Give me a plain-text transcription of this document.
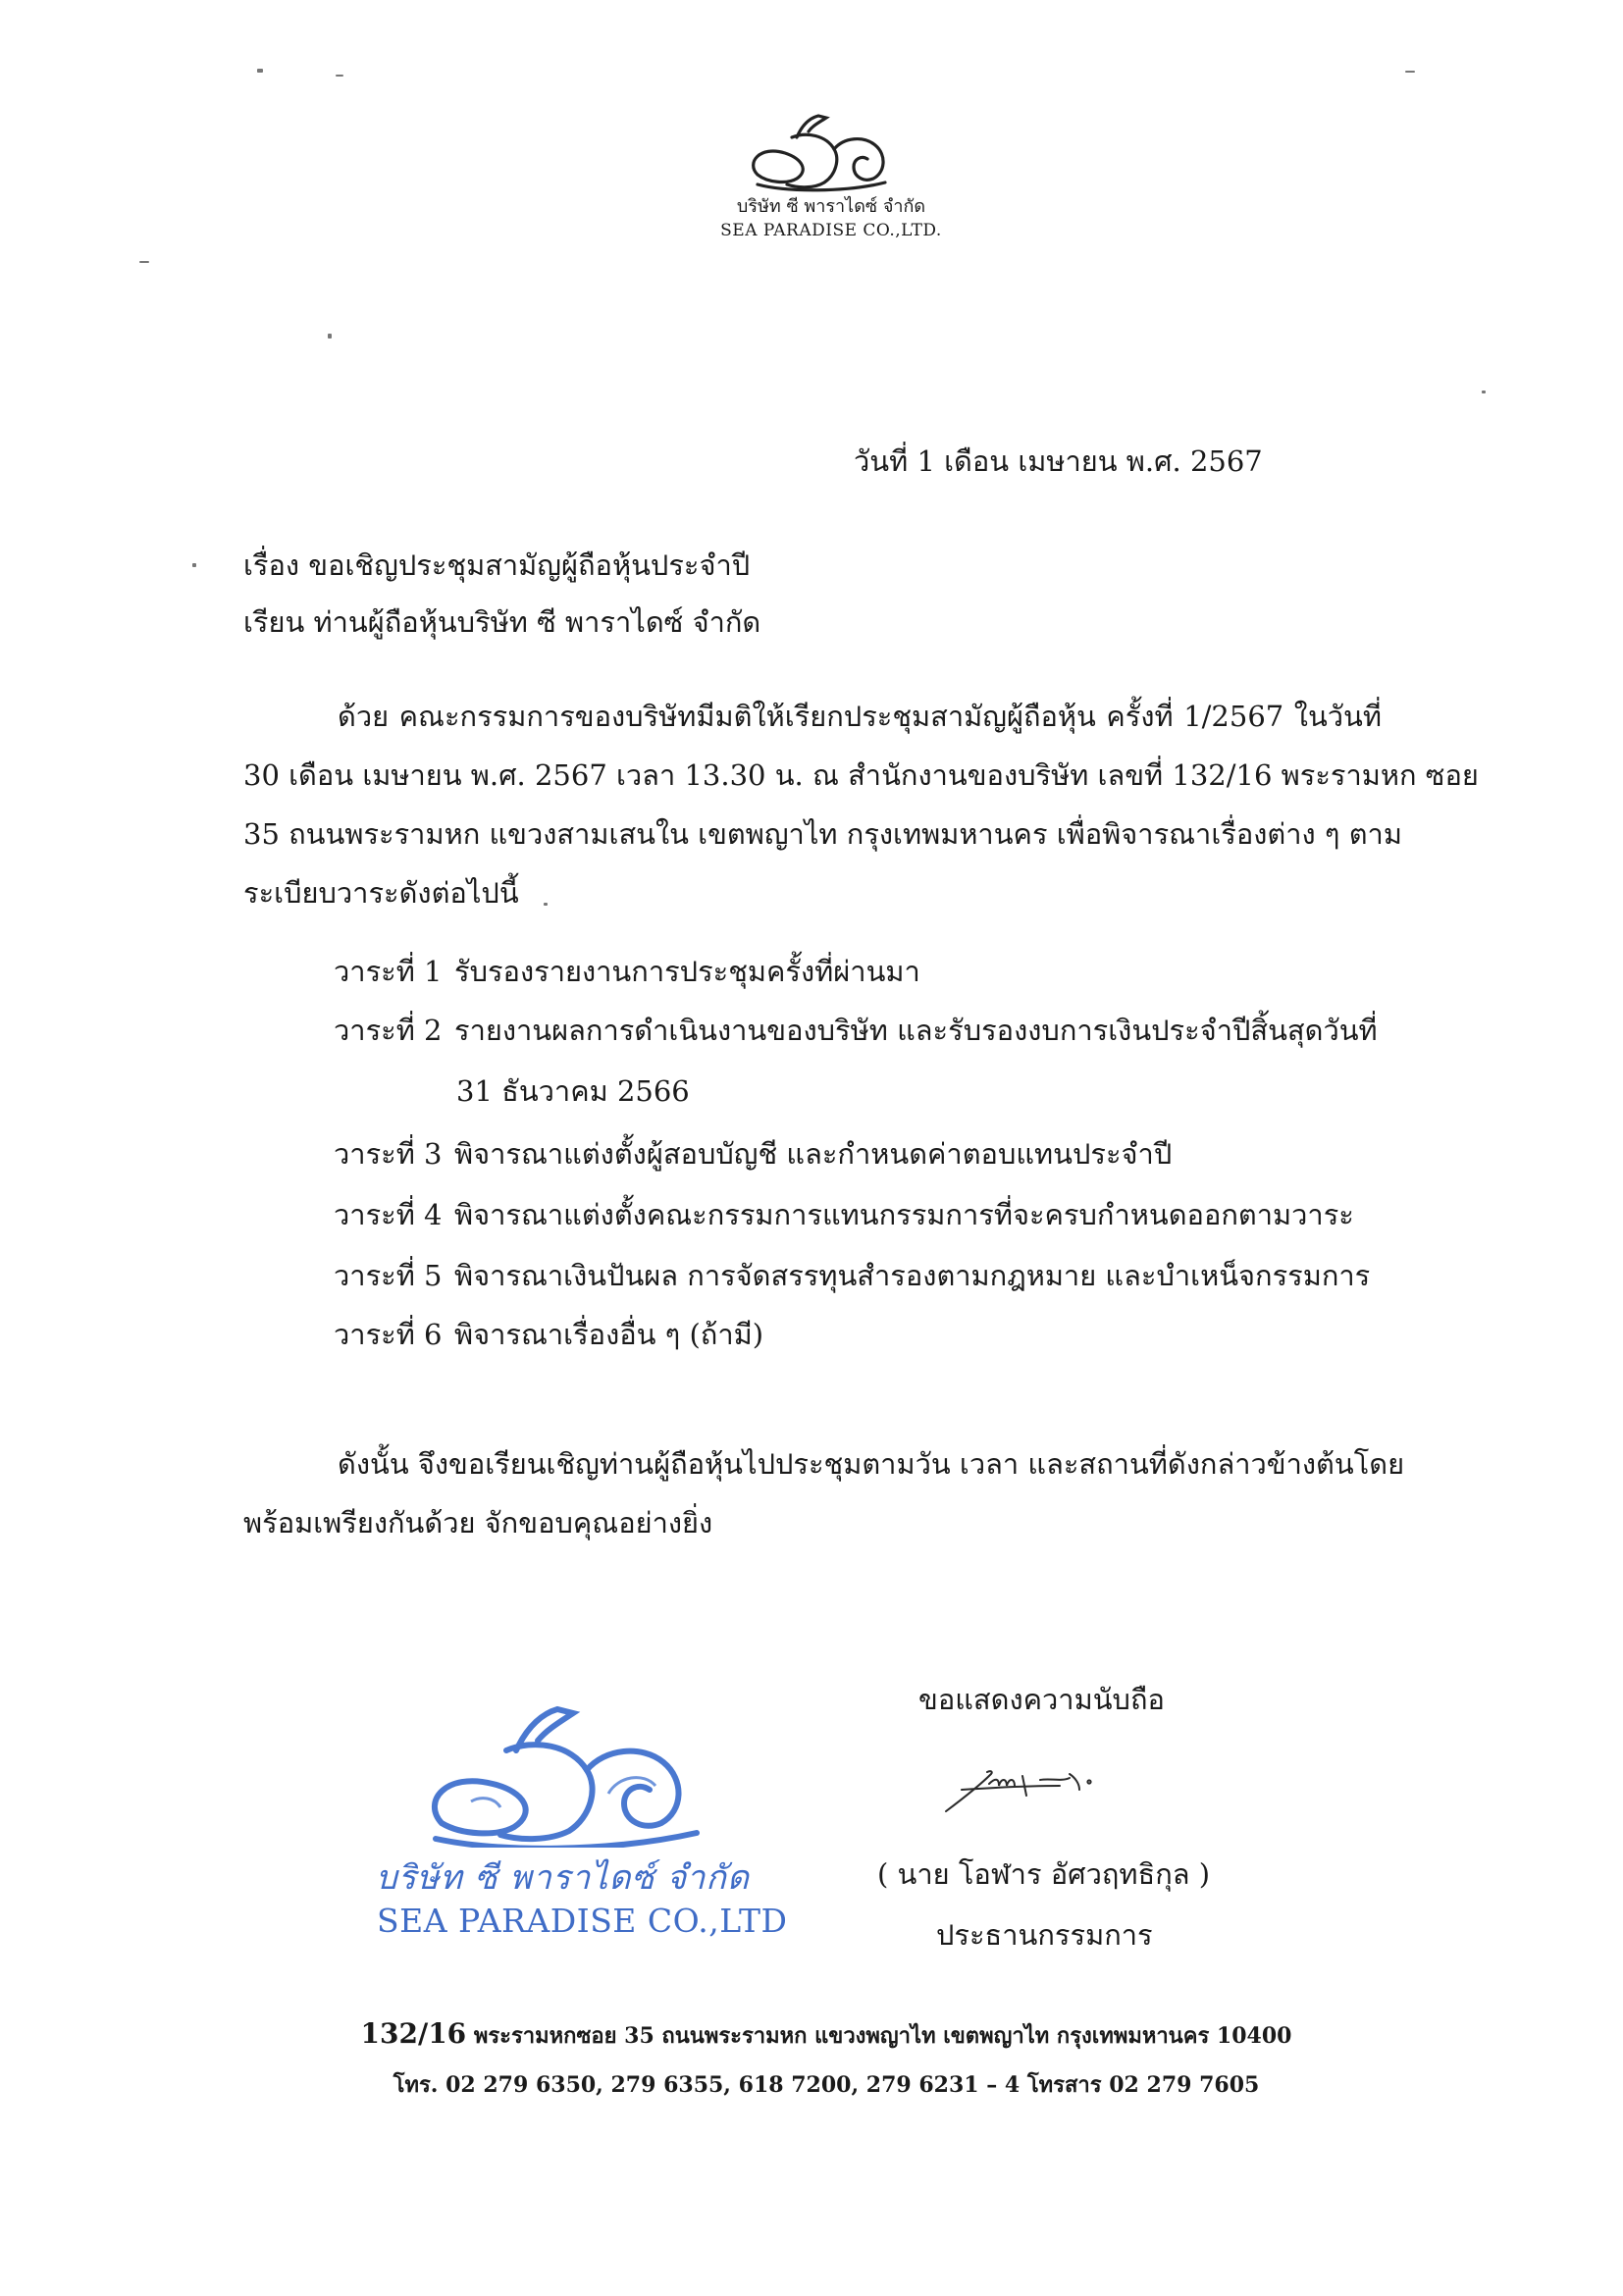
บริษัท ซี พาราไดซ์ จำกัด
SEA PARADISE CO.,LTD.
วันที่ 1 เดือน เมษายน พ.ศ. 2567
เรื่อง ขอเชิญประชุมสามัญผู้ถือหุ้นประจำปี
เรียน ท่านผู้ถือหุ้นบริษัท ซี พาราไดซ์ จำกัด

ด้วย คณะกรรมการของบริษัทมีมติให้เรียกประชุมสามัญผู้ถือหุ้น ครั้งที่ 1/2567 ในวันที่

30 เดือน เมษายน พ.ศ. 2567 เวลา 13.30 น. ณ สำนักงานของบริษัท เลขที่ 132/16 พระรามหก ซอย

35 ถนนพระรามหก แขวงสามเสนใน เขตพญาไท กรุงเทพมหานคร เพื่อพิจารณาเรื่องต่าง ๆ ตาม

ระเบียบวาระดังต่อไปนี้

วาระที่ 1 รับรองรายงานการประชุมครั้งที่ผ่านมา
วาระที่ 2 รายงานผลการดำเนินงานของบริษัท และรับรองงบการเงินประจำปีสิ้นสุดวันที่
31 ธันวาคม 2566
วาระที่ 3 พิจารณาแต่งตั้งผู้สอบบัญชี และกำหนดค่าตอบแทนประจำปี
วาระที่ 4 พิจารณาแต่งตั้งคณะกรรมการแทนกรรมการที่จะครบกำหนดออกตามวาระ
วาระที่ 5 พิจารณาเงินปันผล การจัดสรรทุนสำรองตามกฎหมาย และบำเหน็จกรรมการ
วาระที่ 6 พิจารณาเรื่องอื่น ๆ (ถ้ามี)

ดังนั้น จึงขอเรียนเชิญท่านผู้ถือหุ้นไปประชุมตามวัน เวลา และสถานที่ดังกล่าวข้างต้นโดย

พร้อมเพรียงกันด้วย จักขอบคุณอย่างยิ่ง

ขอแสดงความนับถือ
( นาย โอฬาร อัศวฤทธิกุล )
ประธานกรรมการ
บริษัท ซี พาราไดซ์ จำกัด
SEA PARADISE CO.,LTD
132/16 พระรามหกซอย 35 ถนนพระรามหก แขวงพญาไท เขตพญาไท กรุงเทพมหานคร 10400
โทร. 02 279 6350, 279 6355, 618 7200, 279 6231 – 4 โทรสาร 02 279 7605
